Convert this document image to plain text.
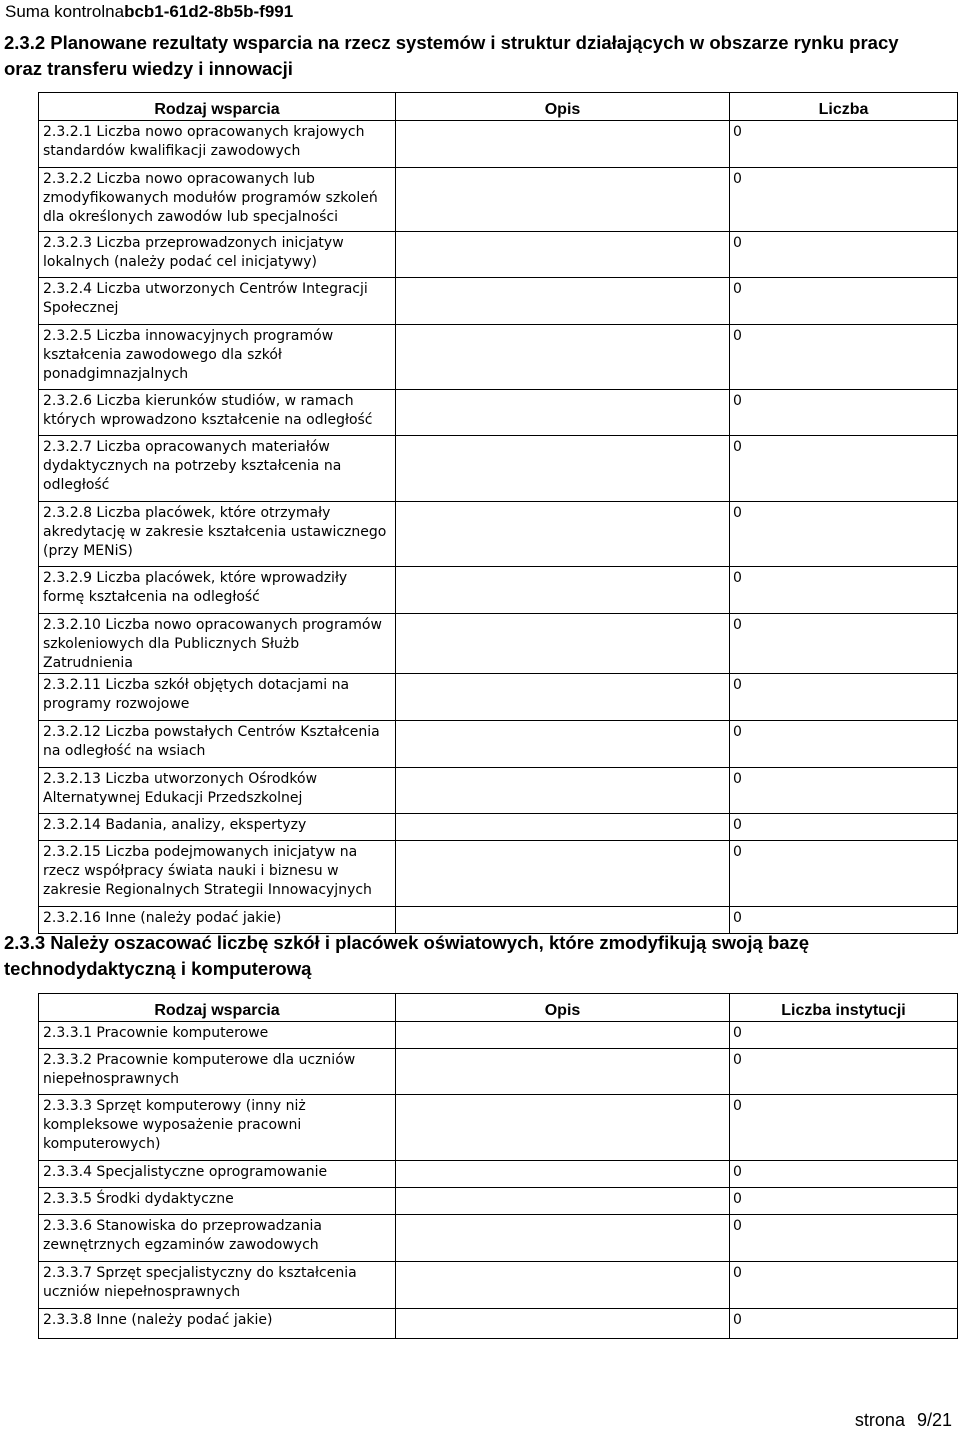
Suma kontrolnabcb1-61d2-8b5b-f991
2.3.2 Planowane rezultaty wsparcia na rzecz systemów i struktur działających w obszarze rynku pracy oraz transferu wiedzy i innowacji
Rodzaj wsparcia	Opis	Liczba
2.3.2.1 Liczba nowo opracowanych krajowych standardów kwalifikacji zawodowych		0
2.3.2.2 Liczba nowo opracowanych lub zmodyfikowanych modułów programów szkoleń dla określonych zawodów lub specjalności		0
2.3.2.3 Liczba przeprowadzonych inicjatyw lokalnych (należy podać cel inicjatywy)		0
2.3.2.4 Liczba utworzonych Centrów Integracji Społecznej		0
2.3.2.5 Liczba innowacyjnych programów kształcenia zawodowego dla szkół ponadgimnazjalnych		0
2.3.2.6 Liczba kierunków studiów, w ramach których wprowadzono kształcenie na odległość		0
2.3.2.7 Liczba opracowanych materiałów dydaktycznych na potrzeby kształcenia na odległość		0
2.3.2.8 Liczba placówek, które otrzymały akredytację w zakresie kształcenia ustawicznego (przy MENiS)		0
2.3.2.9 Liczba placówek, które wprowadziły formę kształcenia na odległość		0
2.3.2.10 Liczba nowo opracowanych programów szkoleniowych dla Publicznych Służb Zatrudnienia		0
2.3.2.11 Liczba szkół objętych dotacjami na programy rozwojowe		0
2.3.2.12 Liczba powstałych Centrów Kształcenia na odległość na wsiach		0
2.3.2.13 Liczba utworzonych Ośrodków Alternatywnej Edukacji Przedszkolnej		0
2.3.2.14 Badania, analizy, ekspertyzy		0
2.3.2.15 Liczba podejmowanych inicjatyw na rzecz współpracy świata nauki i biznesu w zakresie Regionalnych Strategii Innowacyjnych		0
2.3.2.16 Inne (należy podać jakie)		0
2.3.3 Należy oszacować liczbę szkół i placówek oświatowych, które zmodyfikują swoją bazę technodydaktyczną i komputerową
Rodzaj wsparcia	Opis	Liczba instytucji
2.3.3.1 Pracownie komputerowe		0
2.3.3.2 Pracownie komputerowe dla uczniów niepełnosprawnych		0
2.3.3.3 Sprzęt komputerowy (inny niż kompleksowe wyposażenie pracowni komputerowych)		0
2.3.3.4 Specjalistyczne oprogramowanie		0
2.3.3.5 Środki dydaktyczne		0
2.3.3.6 Stanowiska do przeprowadzania zewnętrznych egzaminów zawodowych		0
2.3.3.7 Sprzęt specjalistyczny do kształcenia uczniów niepełnosprawnych		0
2.3.3.8 Inne (należy podać jakie)		0
strona 9/21
